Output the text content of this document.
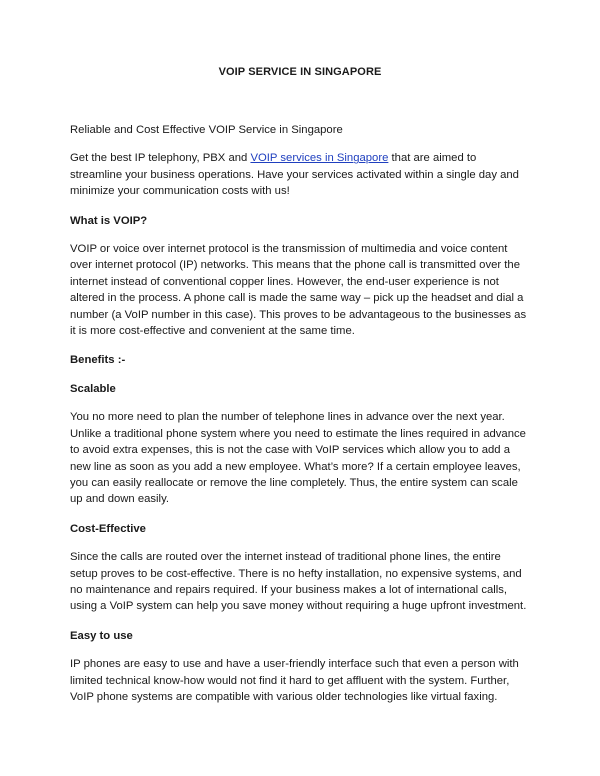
VOIP SERVICE IN SINGAPORE

Reliable and Cost Effective VOIP Service in Singapore

Get the best IP telephony, PBX and VOIP services in Singapore that are aimed to streamline your business operations. Have your services activated within a single day and minimize your communication costs with us!

What is VOIP?

VOIP or voice over internet protocol is the transmission of multimedia and voice content over internet protocol (IP) networks. This means that the phone call is transmitted over the internet instead of conventional copper lines. However, the end-user experience is not altered in the process. A phone call is made the same way – pick up the headset and dial a number (a VoIP number in this case). This proves to be advantageous to the businesses as it is more cost-effective and convenient at the same time.

Benefits :-

Scalable

You no more need to plan the number of telephone lines in advance over the next year. Unlike a traditional phone system where you need to estimate the lines required in advance to avoid extra expenses, this is not the case with VoIP services which allow you to add a new line as soon as you add a new employee. What’s more? If a certain employee leaves, you can easily reallocate or remove the line completely. Thus, the entire system can scale up and down easily.

Cost-Effective

Since the calls are routed over the internet instead of traditional phone lines, the entire setup proves to be cost-effective. There is no hefty installation, no expensive systems, and no maintenance and repairs required. If your business makes a lot of international calls, using a VoIP system can help you save money without requiring a huge upfront investment.

Easy to use

IP phones are easy to use and have a user-friendly interface such that even a person with limited technical know-how would not find it hard to get affluent with the system. Further, VoIP phone systems are compatible with various older technologies like virtual faxing.
